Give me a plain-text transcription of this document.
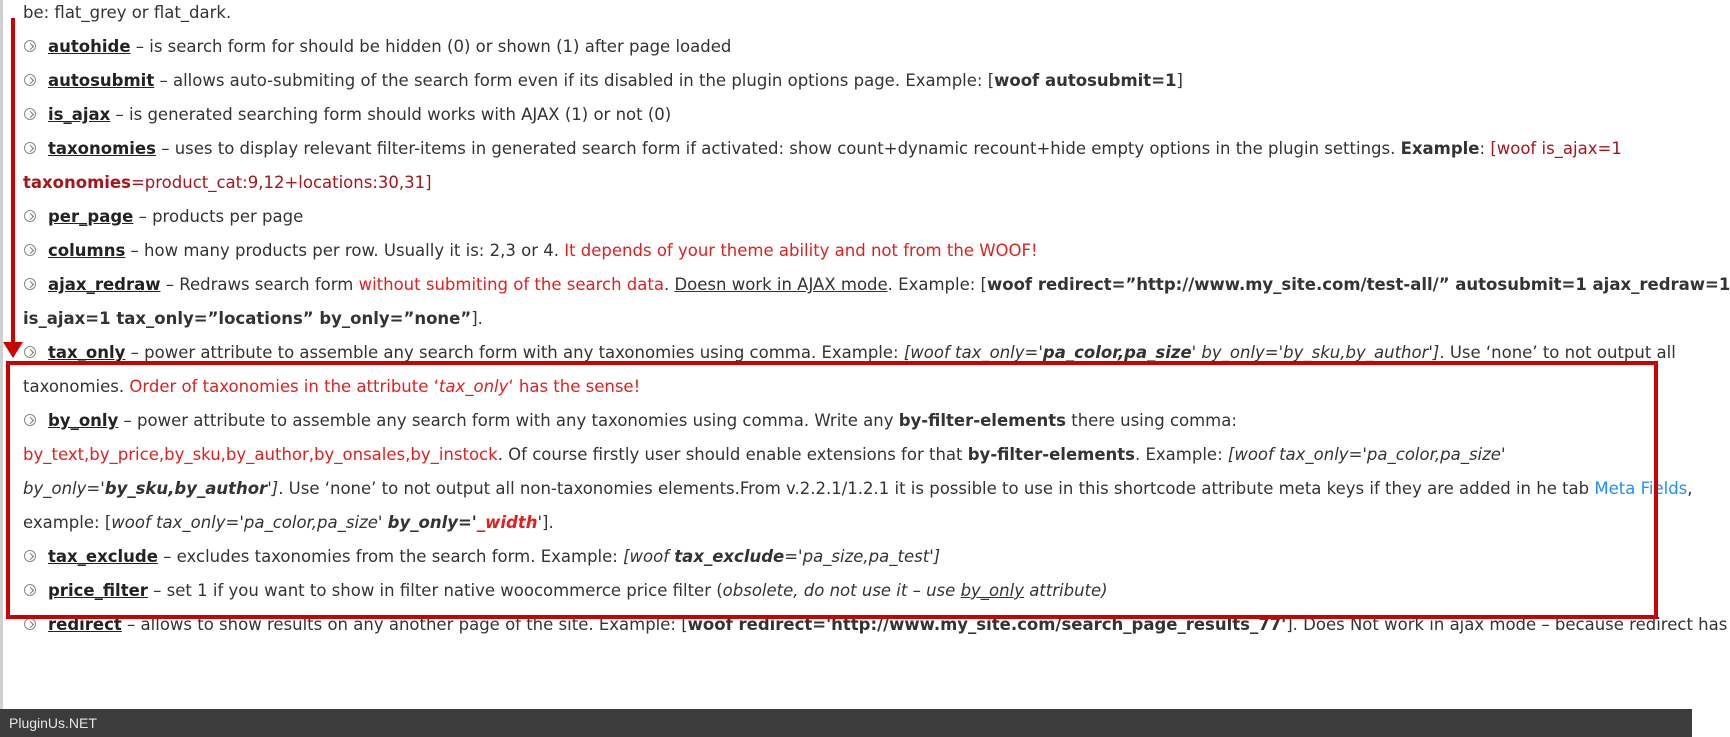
be: flat_grey or flat_dark.
autohide – is search form for should be hidden (0) or shown (1) after page loaded
autosubmit – allows auto-submiting of the search form even if its disabled in the plugin options page. Example: [woof autosubmit=1]
is_ajax – is generated searching form should works with AJAX (1) or not (0)
taxonomies – uses to display relevant filter-items in generated search form if activated: show count+dynamic recount+hide empty options in the plugin settings. Example: [woof is_ajax=1
taxonomies=product_cat:9,12+locations:30,31]
per_page – products per page
columns – how many products per row. Usually it is: 2,3 or 4. It depends of your theme ability and not from the WOOF!
ajax_redraw – Redraws search form without submiting of the search data. Doesn work in AJAX mode. Example: [woof redirect=”http://www.my_site.com/test-all/” autosubmit=1 ajax_redraw=1
is_ajax=1 tax_only=”locations” by_only=”none”].
tax_only – power attribute to assemble any search form with any taxonomies using comma. Example: [woof tax_only='pa_color,pa_size' by_only='by_sku,by_author']. Use ‘none’ to not output all
taxonomies. Order of taxonomies in the attribute ‘tax_only‘ has the sense!
by_only – power attribute to assemble any search form with any taxonomies using comma. Write any by-filter-elements there using comma:
by_text,by_price,by_sku,by_author,by_onsales,by_instock. Of course firstly user should enable extensions for that by-filter-elements. Example: [woof tax_only='pa_color,pa_size'
by_only='by_sku,by_author']. Use ‘none’ to not output all non-taxonomies elements.From v.2.2.1/1.2.1 it is possible to use in this shortcode attribute meta keys if they are added in he tab Meta Fields,
example: [woof tax_only='pa_color,pa_size' by_only='_width'].
tax_exclude – excludes taxonomies from the search form. Example: [woof tax_exclude='pa_size,pa_test']
price_filter – set 1 if you want to show in filter native woocommerce price filter (obsolete, do not use it – use by_only attribute)
redirect – allows to show results on any another page of the site. Example: [woof redirect='http://www.my_site.com/search_page_results_77']. Does Not work in ajax mode – because redirect has
PluginUs.NET
